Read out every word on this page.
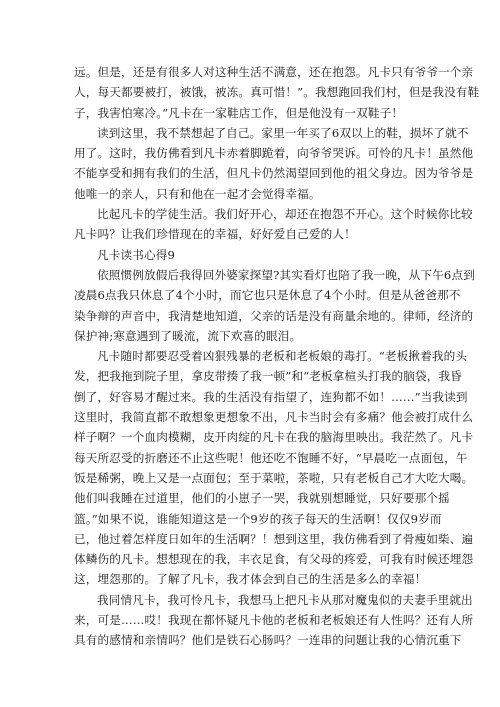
远。但是，还是有很多人对这种生活不满意，还在抱怨。凡卡只有爷爷一个亲
人，每天都要被打，被饿，被冻。真可惜！”。我想跑回我们村，但是我没有鞋
子，我害怕寒冷。”凡卡在一家鞋店工作，但是他没有一双鞋子！
读到这里，我不禁想起了自己。家里一年买了6双以上的鞋，损坏了就不
用了。这时，我仿佛看到凡卡赤着脚跪着，向爷爷哭诉。可怜的凡卡！虽然他
不能享受和拥有我们的生活，但凡卡仍然渴望回到他的祖父身边。因为爷爷是
他唯一的亲人，只有和他在一起才会觉得幸福。
比起凡卡的学徒生活。我们好开心，却还在抱怨不开心。这个时候你比较
凡卡吗？让我们珍惜现在的幸福，好好爱自己爱的人！
凡卡读书心得9
依照惯例放假后我得回外婆家探望?其实看灯也陪了我一晚，从下午6点到
凌晨6点我只休息了4个小时，而它也只是休息了4个小时。但是从爸爸那不
染争辩的声音中，我清楚地知道，父亲的话是没有商量余地的。律师，经济的
保护神;寒意遇到了暖流，流下欢喜的眼泪。
凡卡随时都要忍受着凶狠残暴的老板和老板娘的毒打。“老板揪着我的头
发，把我拖到院子里，拿皮带揍了我一顿”和“老板拿楦头打我的脑袋，我昏
倒了，好容易才醒过来。我的生活没有指望了，连狗都不如！……”当我读到
这里时，我简直都不敢想象更想象不出，凡卡当时会有多痛？他会被打成什么
样子啊？一个血肉模糊，皮开肉绽的凡卡在我的脑海里映出。我茫然了。凡卡
每天所忍受的折磨还不止这些呢！他还吃不饱睡不好，“早晨吃一点面包，午
饭是稀粥，晚上又是一点面包；至于菜啦，茶啦，只有老板自己才大吃大喝。
他们叫我睡在过道里，他们的小崽子一哭，我就别想睡觉，只好要那个摇
篮。”如果不说，谁能知道这是一个9岁的孩子每天的生活啊！仅仅9岁而
已，他过着怎样度日如年的生活啊？！想到这里，我仿佛看到了骨瘦如柴、遍
体鳞伤的凡卡。想想现在的我，丰衣足食，有父母的疼爱，可我有时候还埋怨
这，埋怨那的。了解了凡卡，我才体会到自己的生活是多么的幸福！
我同情凡卡，我可怜凡卡，我想马上把凡卡从那对魔鬼似的夫妻手里就出
来，可是……哎！我现在都怀疑凡卡他的老板和老板娘还有人性吗？还有人所
具有的感情和亲情吗？他们是铁石心肠吗？一连串的问题让我的心情沉重下
